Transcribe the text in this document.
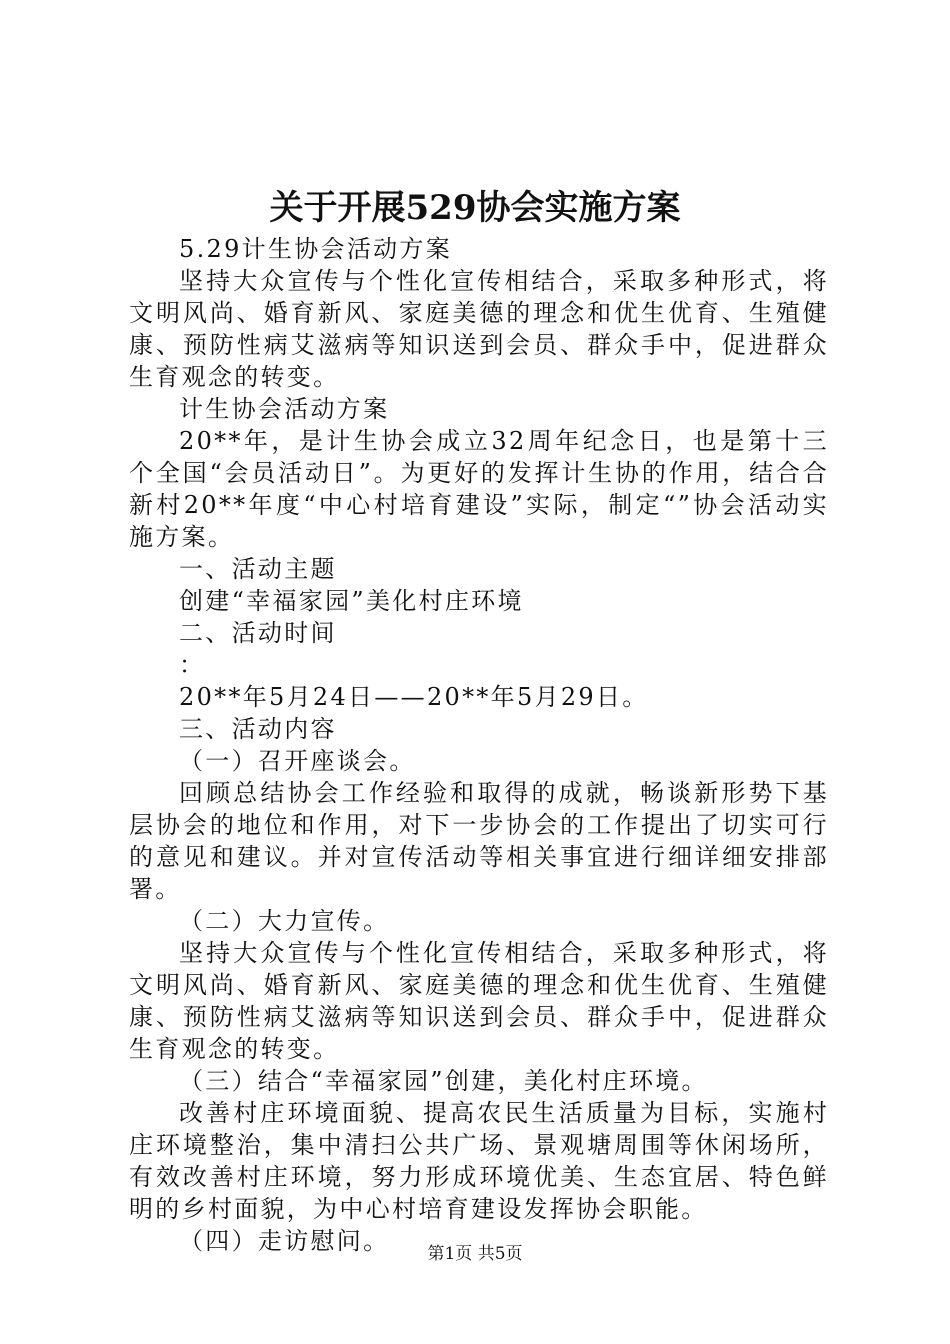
关于开展529协会实施方案

5.29计生协会活动方案

坚持大众宣传与个性化宣传相结合，采取多种形式，将文明风尚、婚育新风、家庭美德的理念和优生优育、生殖健康、预防性病艾滋病等知识送到会员、群众手中，促进群众生育观念的转变。

计生协会活动方案

20**年，是计生协会成立32周年纪念日，也是第十三个全国“会员活动日”。为更好的发挥计生协的作用，结合合新村20**年度“中心村培育建设”实际，制定“”协会活动实施方案。

一、活动主题

创建“幸福家园”美化村庄环境

二、活动时间

：

20**年5月24日——20**年5月29日。

三、活动内容

（一）召开座谈会。

回顾总结协会工作经验和取得的成就，畅谈新形势下基层协会的地位和作用，对下一步协会的工作提出了切实可行的意见和建议。并对宣传活动等相关事宜进行细详细安排部署。

（二）大力宣传。

坚持大众宣传与个性化宣传相结合，采取多种形式，将文明风尚、婚育新风、家庭美德的理念和优生优育、生殖健康、预防性病艾滋病等知识送到会员、群众手中，促进群众生育观念的转变。

（三）结合“幸福家园”创建，美化村庄环境。

改善村庄环境面貌、提高农民生活质量为目标，实施村庄环境整治，集中清扫公共广场、景观塘周围等休闲场所，有效改善村庄环境，努力形成环境优美、生态宜居、特色鲜明的乡村面貌，为中心村培育建设发挥协会职能。

（四）走访慰问。	第1页 共5页
